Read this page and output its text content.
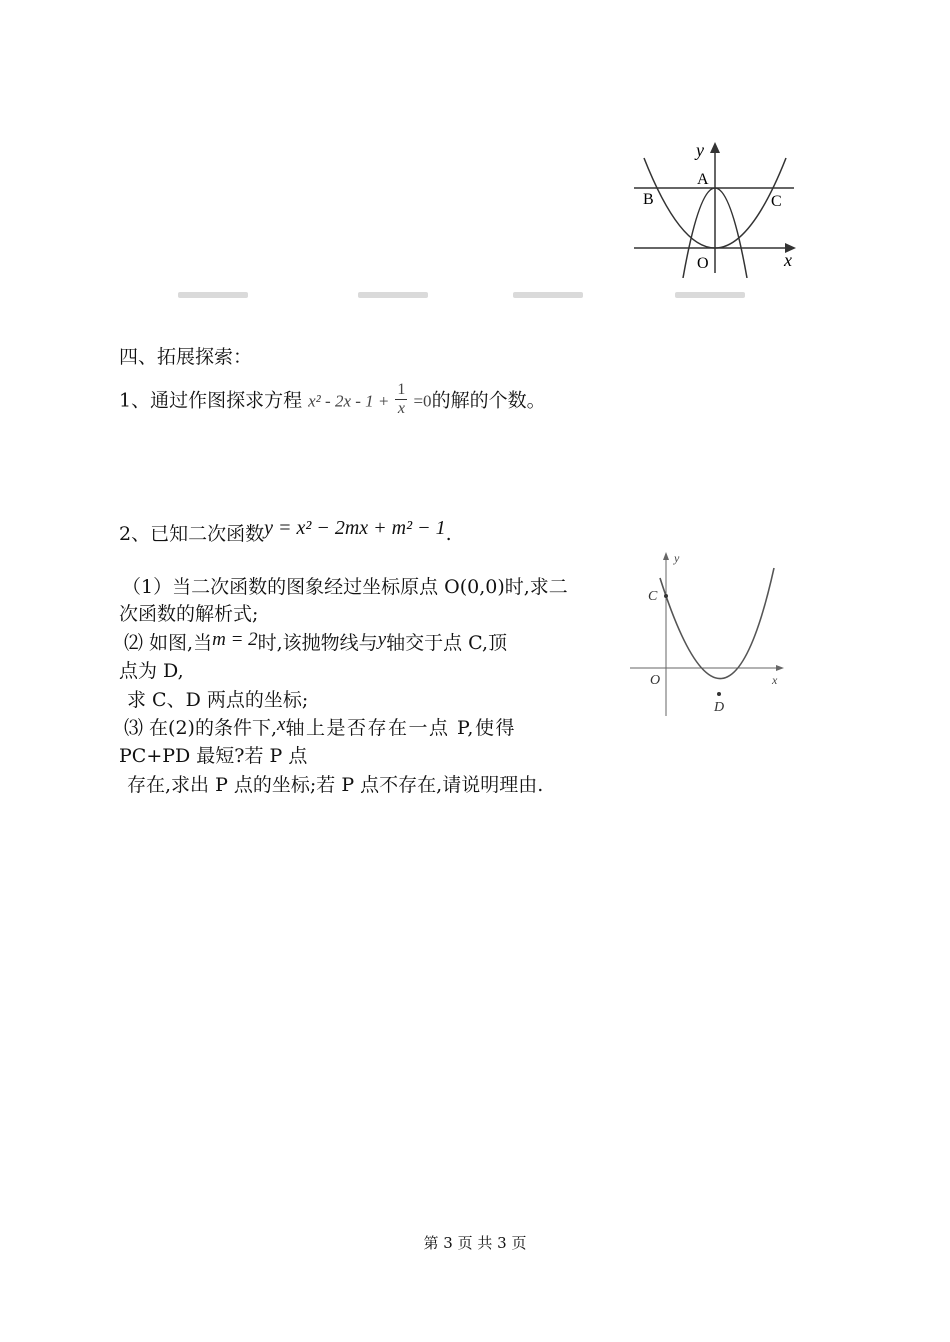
y
x
A
B	C
O
四、拓展探索：
1、通过作图探求方程 $x^2 - 2x - 1 + \frac{1}{x} =0$的解的个数。
2、已知二次函数y = x² − 2mx + m² − 1.
（1）当二次函数的图象经过坐标原点 O(0,0)时,求二
次函数的解析式;
⑵ 如图,当m = 2时,该抛物线与y轴交于点 C,顶
点为 D,
求 C、D 两点的坐标;
⑶ 在(2)的条件下,x轴上是否存在一点 P,使得
PC+PD 最短?若 P 点
存在,求出 P 点的坐标;若 P 点不存在,请说明理由.
y
x
C
O
D
第 3 页 共 3 页
